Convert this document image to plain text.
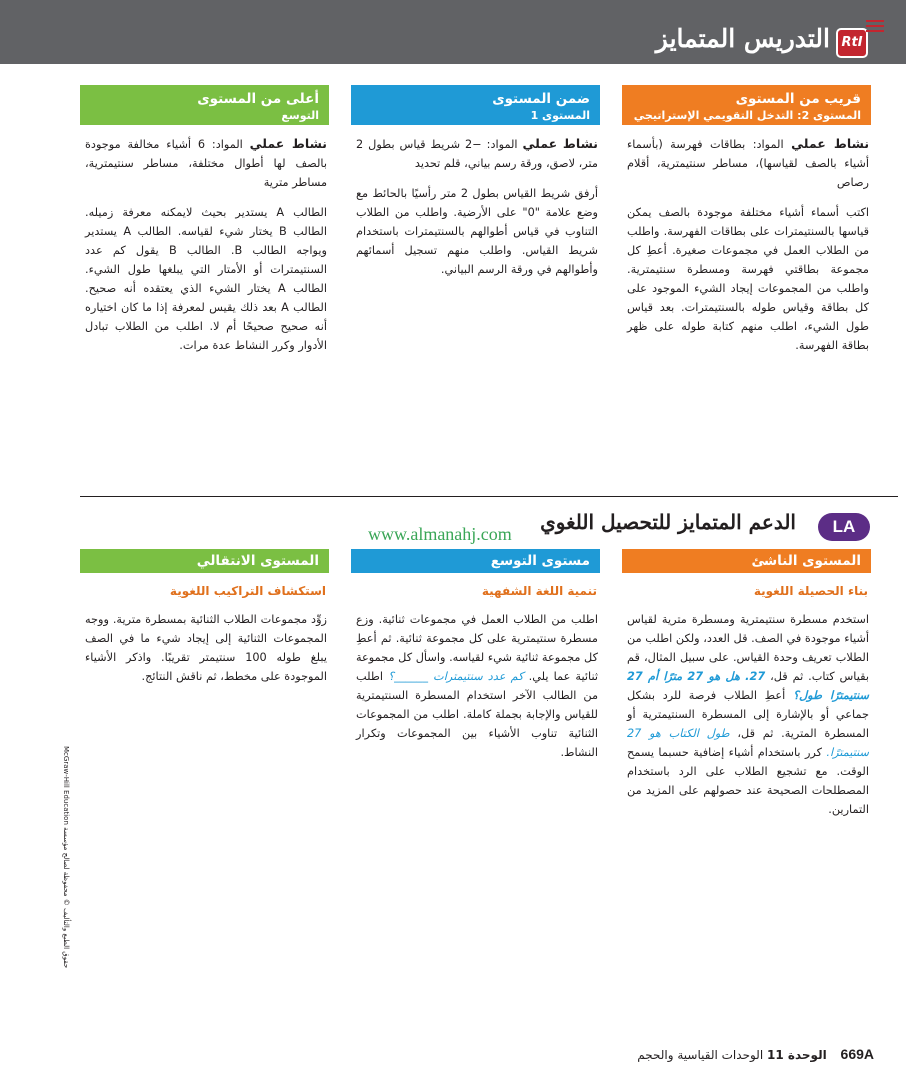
التدريس المتمايز RtI
قريب من المستوى
المستوى 2: التدخل التقويمي الإستراتيجي
ضمن المستوى
المستوى 1
أعلى من المستوى
التوسع

نشاط عملي المواد: بطاقات فهرسة (بأسماء أشياء بالصف لقياسها)، مساطر سنتيمترية، أقلام رصاص

اكتب أسماء أشياء مختلفة موجودة بالصف يمكن قياسها بالسنتيمترات على بطاقات الفهرسة. واطلب من الطلاب العمل في مجموعات صغيرة. أعطِ كل مجموعة بطاقتي فهرسة ومسطرة سنتيمترية. واطلب من المجموعات إيجاد الشيء الموجود على كل بطاقة وقياس طوله بالسنتيمترات. بعد قياس طول الشيء، اطلب منهم كتابة طوله على ظهر بطاقة الفهرسة.

نشاط عملي المواد: −2 شريط قياس بطول 2 متر، لاصق، ورقة رسم بياني، قلم تحديد

أرفق شريط القياس بطول 2 متر رأسيًا بالحائط مع وضع علامة "0" على الأرضية. واطلب من الطلاب التناوب في قياس أطوالهم بالسنتيمترات باستخدام شريط القياس. واطلب منهم تسجيل أسمائهم وأطوالهم في ورقة الرسم البياني.

نشاط عملي المواد: 6 أشياء مخالفة موجودة بالصف لها أطوال مختلفة، مساطر سنتيمترية، مساطر مترية

الطالب A يستدير بحيث لايمكنه معرفة زميله. الطالب B يختار شيء لقياسه. الطالب A يستدير ويواجه الطالب B. الطالب B يقول كم عدد السنتيمترات أو الأمتار التي يبلغها طول الشيء. الطالب A يختار الشيء الذي يعتقده أنه صحيح. الطالب A بعد ذلك يقيس لمعرفة إذا ما كان اختياره أنه صحيح صحيحًا أم لا. اطلب من الطلاب تبادل الأدوار وكرر النشاط عدة مرات.

LA
الدعم المتمايز للتحصيل اللغوي
www.almanahj.com
المستوى الناشئ
مستوى التوسع
المستوى الانتقالي
بناء الحصيلة اللغوية
تنمية اللغة الشفهية
استكشاف التراكيب اللغوية
استخدم مسطرة سنتيمترية ومسطرة مترية لقياس أشياء موجودة في الصف. قل العدد، ولكن اطلب من الطلاب تعريف وحدة القياس. على سبيل المثال، قم بقياس كتاب. ثم قل، 27. هل هو 27 مترًا أم 27 سنتيمترًا طول؟ أعطِ الطلاب فرصة للرد بشكل جماعي أو بالإشارة إلى المسطرة السنتيمترية أو المسطرة المترية. ثم قل، طول الكتاب هو 27 سنتيمترًا. كرر باستخدام أشياء إضافية حسبما يسمح الوقت. مع تشجيع الطلاب على الرد باستخدام المصطلحات الصحيحة عند حصولهم على المزيد من التمارين.
اطلب من الطلاب العمل في مجموعات ثنائية. وزع مسطرة سنتيمترية على كل مجموعة ثنائية. ثم أعطِ كل مجموعة ثنائية شيء لقياسه. واسأل كل مجموعة ثنائية عما يلي. كم عدد سنتيمترات ______؟ اطلب من الطالب الآخر استخدام المسطرة السنتيمترية للقياس والإجابة بجملة كاملة. اطلب من المجموعات الثنائية تناوب الأشياء بين المجموعات وتكرار النشاط.
زوِّد مجموعات الطلاب الثنائية بمسطرة مترية. ووجه المجموعات الثنائية إلى إيجاد شيء ما في الصف يبلغ طوله 100 سنتيمتر تقريبًا. واذكر الأشياء الموجودة على مخطط، ثم ناقش النتائج.
McGraw-Hill Education حقوق الطبع والتأليف © محفوظة لصالح مؤسسة
669A الوحدة 11 الوحدات القياسية والحجم
